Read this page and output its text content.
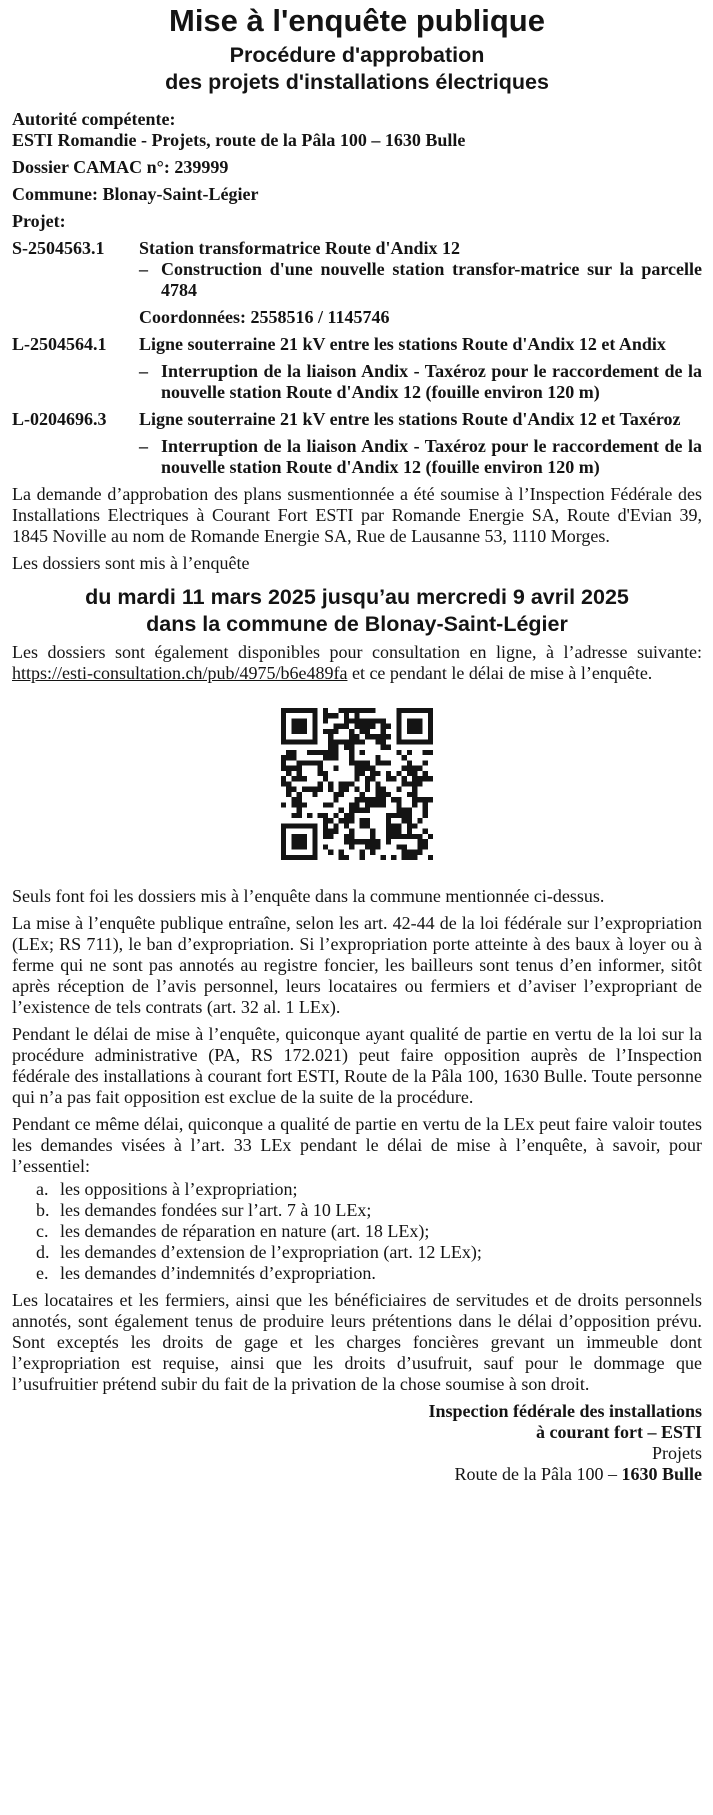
Mise à l'enquête publique
Procédure d'approbation
des projets d'installations électriques
Autorité compétente:
ESTI Romandie - Projets, route de la Pâla 100 – 1630 Bulle
Dossier CAMAC n°: 239999
Commune: Blonay-Saint-Légier
Projet:
S-2504563.1	Station transformatrice Route d'Andix 12
– Construction d'une nouvelle station transfor-matrice sur la parcelle 4784
Coordonnées: 2558516 / 1145746
L-2504564.1	Ligne souterraine 21 kV entre les stations Route d'Andix 12 et Andix
– Interruption de la liaison Andix - Taxéroz pour le raccordement de la nouvelle station Route d'Andix 12 (fouille environ 120 m)
L-0204696.3	Ligne souterraine 21 kV entre les stations Route d'Andix 12 et Taxéroz
– Interruption de la liaison Andix - Taxéroz pour le raccordement de la nouvelle station Route d'Andix 12 (fouille environ 120 m)

La demande d’approbation des plans susmentionnée a été soumise à l’Inspection Fédérale des Installations Electriques à Courant Fort ESTI par Romande Energie SA, Route d'Evian 39, 1845 Noville au nom de Romande Energie SA, Rue de Lausanne 53, 1110 Morges.

Les dossiers sont mis à l’enquête

du mardi 11 mars 2025 jusqu’au mercredi 9 avril 2025
dans la commune de Blonay-Saint-Légier

Les dossiers sont également disponibles pour consultation en ligne, à l’adresse suivante: https://esti-consultation.ch/pub/4975/b6e489fa et ce pendant le délai de mise à l’enquête.

Seuls font foi les dossiers mis à l’enquête dans la commune mentionnée ci-dessus.

La mise à l’enquête publique entraîne, selon les art. 42-44 de la loi fédérale sur l’expropriation (LEx; RS 711), le ban d’expropriation. Si l’expropriation porte atteinte à des baux à loyer ou à ferme qui ne sont pas annotés au registre foncier, les bailleurs sont tenus d’en informer, sitôt après réception de l’avis personnel, leurs locataires ou fermiers et d’aviser l’expropriant de l’existence de tels contrats (art. 32 al. 1 LEx).

Pendant le délai de mise à l’enquête, quiconque ayant qualité de partie en vertu de la loi sur la procédure administrative (PA, RS 172.021) peut faire opposition auprès de l’Inspection fédérale des installations à courant fort ESTI, Route de la Pâla 100, 1630 Bulle. Toute personne qui n’a pas fait opposition est exclue de la suite de la procédure.

Pendant ce même délai, quiconque a qualité de partie en vertu de la LEx peut faire valoir toutes les demandes visées à l’art. 33 LEx pendant le délai de mise à l’enquête, à savoir, pour l’essentiel:

a. les oppositions à l’expropriation;
b. les demandes fondées sur l’art. 7 à 10 LEx;
c. les demandes de réparation en nature (art. 18 LEx);
d. les demandes d’extension de l’expropriation (art. 12 LEx);
e. les demandes d’indemnités d’expropriation.

Les locataires et les fermiers, ainsi que les bénéficiaires de servitudes et de droits personnels annotés, sont également tenus de produire leurs prétentions dans le délai d’opposition prévu. Sont exceptés les droits de gage et les charges foncières grevant un immeuble dont l’expropriation est requise, ainsi que les droits d’usufruit, sauf pour le dommage que l’usufruitier prétend subir du fait de la privation de la chose soumise à son droit.

Inspection fédérale des installations
à courant fort – ESTI
Projets
Route de la Pâla 100 – 1630 Bulle
